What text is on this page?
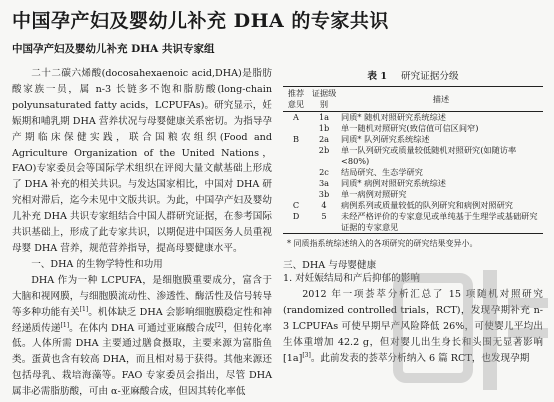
中国孕产妇及婴幼儿补充 DHA 的专家共识
中国孕产妇及婴幼儿补充 DHA 共识专家组

二十二碳六烯酸(docosahexaenoic acid,DHA)是脂肪酸家族一员，属 n-3 长链多不饱和脂肪酸(long-chain polyunsaturated fatty acids，LCPUFAs)。研究显示，妊娠期和哺乳期 DHA 营养状况与母婴健康关系密切。为指导孕产期临床保健实践，联合国粮农组织(Food and Agriculture Organization of the United Nations，FAO)专家委员会等国际学术组织在评阅大量文献基础上形成了 DHA 补充的相关共识。与发达国家相比，中国对 DHA 研究相对滞后，迄今未见中文版共识。为此，中国孕产妇及婴幼儿补充 DHA 共识专家组结合中国人群研究证据，在参考国际共识基础上，形成了此专家共识，以期促进中国医务人员重视母婴 DHA 营养，规范营养指导，提高母婴健康水平。

一、DHA 的生物学特性和功用

DHA 作为一种 LCPUFA，是细胞膜重要成分，富含于大脑和视网膜，与细胞膜流动性、渗透性、酶活性及信号转导等多种功能有关[1]。机体缺乏 DHA 会影响细胞膜稳定性和神经递质传递[1]。在体内 DHA 可通过亚麻酸合成[2]，但转化率低。人体所需 DHA 主要通过膳食摄取，主要来源为富脂鱼类。蛋黄也含有较高 DHA，而且相对易于获得。其他来源还包括母乳、栽培海藻等。FAO 专家委员会指出，尽管 DHA 属非必需脂肪酸，可由 α-亚麻酸合成，但因其转化率低

表 1 研究证据分级
推荐意见	证据级别	描述
A	1a	同质* 随机对照研究系统综述
	1b	单一随机对照研究(致信值可信区间窄)
B	2a	同质* 队列研究系统综述
	2b	单一队列研究或质量较低随机对照研究(如随访率<80%)
	2c	结局研究、生态学研究
	3a	同质* 病例对照研究系统综述
	3b	单一病例对照研究
C	4	病例系列或质量较低的队列研究和病例对照研究
D	5	未经严格评价的专家意见或单纯基于生理学或基础研究证据的专家意见
* 同质指系统综述纳入的各项研究的研究结果变异小。
三、DHA 与母婴健康

1. 对妊娠结局和产后抑郁的影响

2012 年一项荟萃分析汇总了 15 项随机对照研究(randomized controlled trials，RCT)，发现孕期补充 n-3 LCPUFAs 可使早期早产风险降低 26%，可使婴儿平均出生体重增加 42.2 g，但对婴儿出生身长和头围无显著影响[1a][3]。此前发表的荟萃分析纳入 6 篇 RCT，也发现孕期
